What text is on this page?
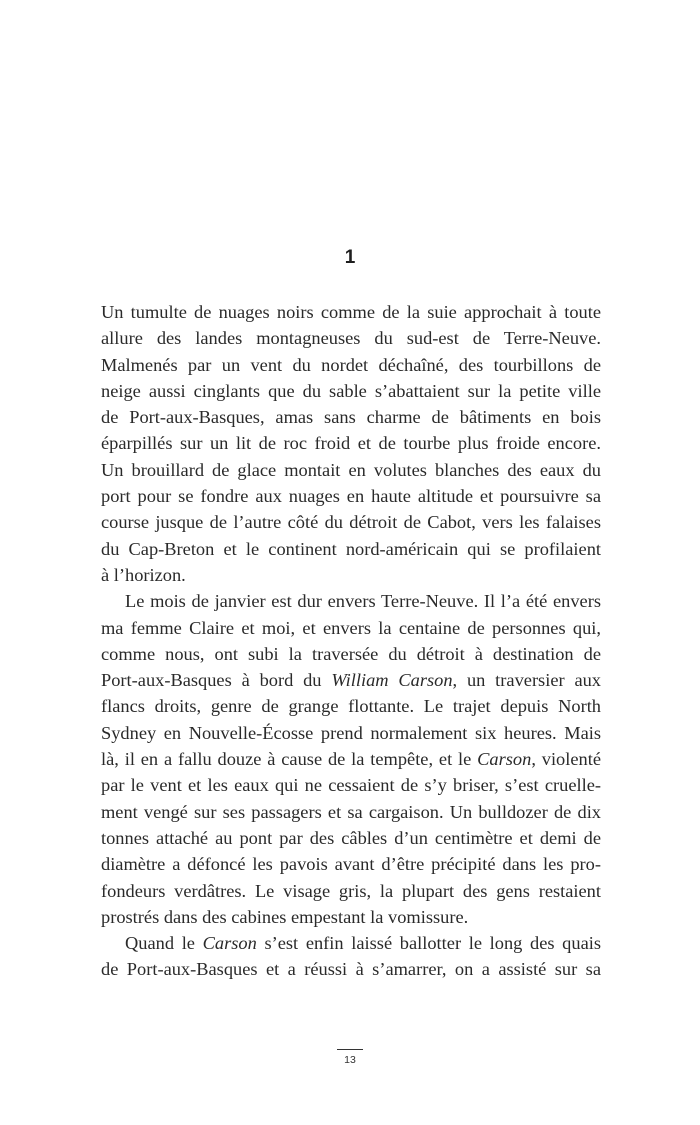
1
Un tumulte de nuages noirs comme de la suie approchait à toute
allure des landes montagneuses du sud-est de Terre-Neuve.
Malmenés par un vent du nordet déchaîné, des tourbillons de
neige aussi cinglants que du sable s’abattaient sur la petite ville
de Port-aux-Basques, amas sans charme de bâtiments en bois
éparpillés sur un lit de roc froid et de tourbe plus froide encore.
Un brouillard de glace montait en volutes blanches des eaux du
port pour se fondre aux nuages en haute altitude et poursuivre sa
course jusque de l’autre côté du détroit de Cabot, vers les falaises
du Cap-Breton et le continent nord-américain qui se profilaient
à l’horizon.
Le mois de janvier est dur envers Terre-Neuve. Il l’a été envers
ma femme Claire et moi, et envers la centaine de personnes qui,
comme nous, ont subi la traversée du détroit à destination de
Port-aux-Basques à bord du William Carson, un traversier aux
flancs droits, genre de grange flottante. Le trajet depuis North
Sydney en Nouvelle-Écosse prend normalement six heures. Mais
là, il en a fallu douze à cause de la tempête, et le Carson, violenté
par le vent et les eaux qui ne cessaient de s’y briser, s’est cruelle-
ment vengé sur ses passagers et sa cargaison. Un bulldozer de dix
tonnes attaché au pont par des câbles d’un centimètre et demi de
diamètre a défoncé les pavois avant d’être précipité dans les pro-
fondeurs verdâtres. Le visage gris, la plupart des gens restaient
prostrés dans des cabines empestant la vomissure.
Quand le Carson s’est enfin laissé ballotter le long des quais
de Port-aux-Basques et a réussi à s’amarrer, on a assisté sur sa
13
